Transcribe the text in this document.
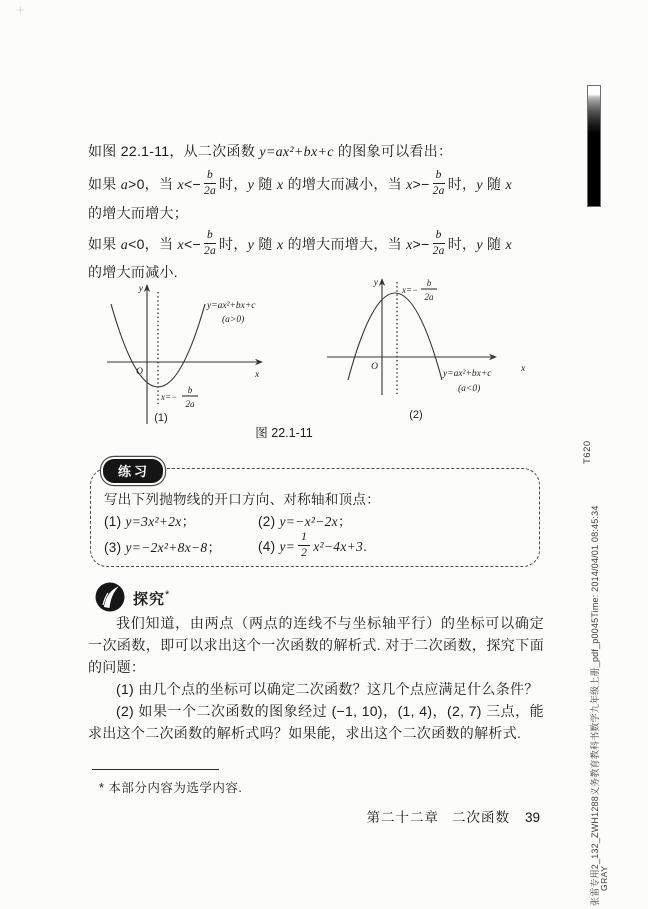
+
如图 22.1-11，从二次函数 y=ax²+bx+c 的图象可以看出：
如果 a>0，当 $x<- \frac{b}{2a}$ 时，y 随 x 的增大而减小，当 $x>- \frac{b}{2a}$ 时，y 随 x
的增大而增大；
如果 a<0，当 $x<- \frac{b}{2a}$ 时，y 随 x 的增大而增大，当 $x>- \frac{b}{2a}$ 时，y 随 x
的增大而减小.
y
x
O
y=ax²+bx+c
(a>0)
x=−
b
2a
(1)
y
x
O
x=−
b
2a
y=ax²+bx+c
(a<0)
(2)
图 22.1-11
练习
写出下列抛物线的开口方向、对称轴和顶点：
(1) y=3x²+2x；	(2) y=−x²−2x；
(3) y=−2x²+8x−8；	(4) $y= \frac{1}{2} x^2-4x+3$.
探究*

我们知道，由两点（两点的连线不与坐标轴平行）的坐标可以确定一次函数，即可以求出这个一次函数的解析式. 对于二次函数，探究下面的问题：

(1) 由几个点的坐标可以确定二次函数？这几个点应满足什么条件？

(2) 如果一个二次函数的图象经过 (−1, 10)，(1, 4)，(2, 7) 三点，能求出这个二次函数的解析式吗？如果能，求出这个二次函数的解析式.

* 本部分内容为选学内容.
第二十二章 二次函数 39
T620
张雷专用2_132_ZWH1288义务教育教科书数学九年级上册_pdf_p0045Time: 2014/04/01 08:45:34 GRAY
